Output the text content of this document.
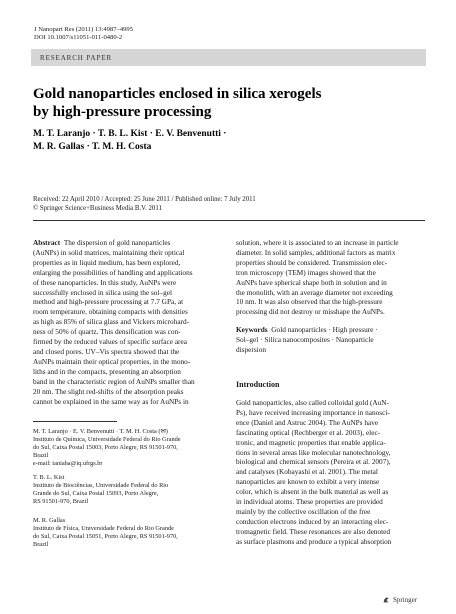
J Nanopart Res (2011) 13:4987–4995
DOI 10.1007/s11051-011-0480-2
RESEARCH PAPER
Gold nanoparticles enclosed in silica xerogels
by high-pressure processing
M. T. Laranjo · T. B. L. Kist · E. V. Benvenutti ·
M. R. Gallas · T. M. H. Costa
Received: 22 April 2010 / Accepted: 25 June 2011 / Published online: 7 July 2011
© Springer Science+Business Media B.V. 2011

Abstract The dispersion of gold nanoparticles

(AuNPs) in solid matrices, maintaining their optical

properties as in liquid medium, has been explored,

enlarging the possibilities of handling and applications

of these nanoparticles. In this study, AuNPs were

successfully enclosed in silica using the sol–gel

method and high-pressure processing at 7.7 GPa, at

room temperature, obtaining compacts with densities

as high as 85% of silica glass and Vickers microhard-

ness of 50% of quartz. This densification was con-

firmed by the reduced values of specific surface area

and closed pores. UV–Vis spectra showed that the

AuNPs maintain their optical properties, in the mono-

liths and in the compacts, presenting an absorption

band in the characteristic region of AuNPs smaller than

20 nm. The slight red-shifts of the absorption peaks

cannot be explained in the same way as for AuNPs in

M. T. Laranjo · E. V. Benvenutti · T. M. H. Costa (✉)

Instituto de Química, Universidade Federal do Rio Grande

do Sul, Caixa Postal 15003, Porto Alegre, RS 91501-970,

Brazil

e-mail: taniaha@iq.ufrgs.br

T. B. L. Kist

Instituto de Biociências, Universidade Federal do Rio

Grande do Sul, Caixa Postal 15093, Porto Alegre,

RS 91501-970, Brazil

M. R. Gallas

Instituto de Física, Universidade Federal do Rio Grande

do Sul, Caixa Postal 15051, Porto Alegre, RS 91501-970,

Brazil

solution, where it is associated to an increase in particle

diameter. In solid samples, additional factors as matrix

properties should be considered. Transmission elec-

tron microscopy (TEM) images showed that the

AuNPs have spherical shape both in solution and in

the monolith, with an average diameter not exceeding

10 nm. It was also observed that the high-pressure

processing did not destroy or misshape the AuNPs.

Keywords Gold nanoparticles · High pressure ·

Sol–gel · Silica nanocomposites · Nanoparticle

dispersion

Introduction

Gold nanoparticles, also called colloidal gold (AuN-

Ps), have received increasing importance in nanosci-

ence (Daniel and Astruc 2004). The AuNPs have

fascinating optical (Rechberger et al. 2003), elec-

tronic, and magnetic properties that enable applica-

tions in several areas like molecular nanotechnology,

biological and chemical sensors (Pereira et al. 2007),

and catalyses (Kobayashi et al. 2001). The metal

nanoparticles are known to exhibit a very intense

color, which is absent in the bulk material as well as

in individual atoms. These properties are provided

mainly by the collective oscillation of the free

conduction electrons induced by an interacting elec-

tromagnetic field. These resonances are also denoted

as surface plasmons and produce a typical absorption

Springer
